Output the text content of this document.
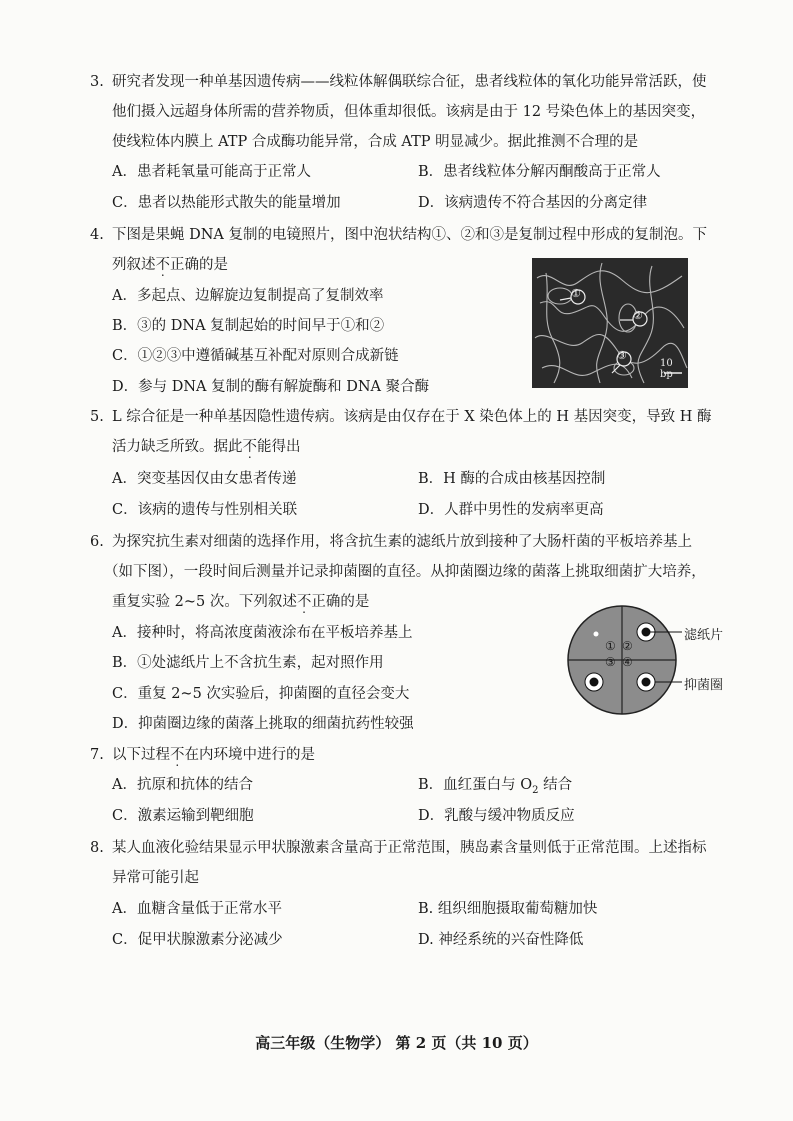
3. 研究者发现一种单基因遗传病——线粒体解偶联综合征，患者线粒体的氧化功能异常活跃，使
他们摄入远超身体所需的营养物质，但体重却很低。该病是由于 12 号染色体上的基因突变，
使线粒体内膜上 ATP 合成酶功能异常，合成 ATP 明显减少。据此推测不合理的是
A．患者耗氧量可能高于正常人	B．患者线粒体分解丙酮酸高于正常人
C．患者以热能形式散失的能量增加	D．该病遗传不符合基因的分离定律
4. 下图是果蝇 DNA 复制的电镜照片，图中泡状结构①、②和③是复制过程中形成的复制泡。下
列叙述不正确的是
A．多起点、边解旋边复制提高了复制效率
B．③的 DNA 复制起始的时间早于①和②
C．①②③中遵循碱基互补配对原则合成新链
D．参与 DNA 复制的酶有解旋酶和 DNA 聚合酶
①
②
③
10 bp
5. L 综合征是一种单基因隐性遗传病。该病是由仅存在于 X 染色体上的 H 基因突变，导致 H 酶
活力缺乏所致。据此不能得出
A．突变基因仅由女患者传递	B．H 酶的合成由核基因控制
C．该病的遗传与性别相关联	D．人群中男性的发病率更高
6. 为探究抗生素对细菌的选择作用，将含抗生素的滤纸片放到接种了大肠杆菌的平板培养基上
（如下图），一段时间后测量并记录抑菌圈的直径。从抑菌圈边缘的菌落上挑取细菌扩大培养，
重复实验 2~5 次。下列叙述不正确的是
A．接种时，将高浓度菌液涂布在平板培养基上
B．①处滤纸片上不含抗生素，起对照作用
C．重复 2~5 次实验后，抑菌圈的直径会变大
D．抑菌圈边缘的菌落上挑取的细菌抗药性较强
① ②
③ ④
滤纸片
抑菌圈
7. 以下过程不在内环境中进行的是
A．抗原和抗体的结合	B．血红蛋白与 $O_2$ 结合
C．激素运输到靶细胞	D．乳酸与缓冲物质反应
8. 某人血液化验结果显示甲状腺激素含量高于正常范围，胰岛素含量则低于正常范围。上述指标
异常可能引起
A．血糖含量低于正常水平	B. 组织细胞摄取葡萄糖加快
C．促甲状腺激素分泌减少	D. 神经系统的兴奋性降低
高三年级（生物学） 第 2 页（共 10 页）
